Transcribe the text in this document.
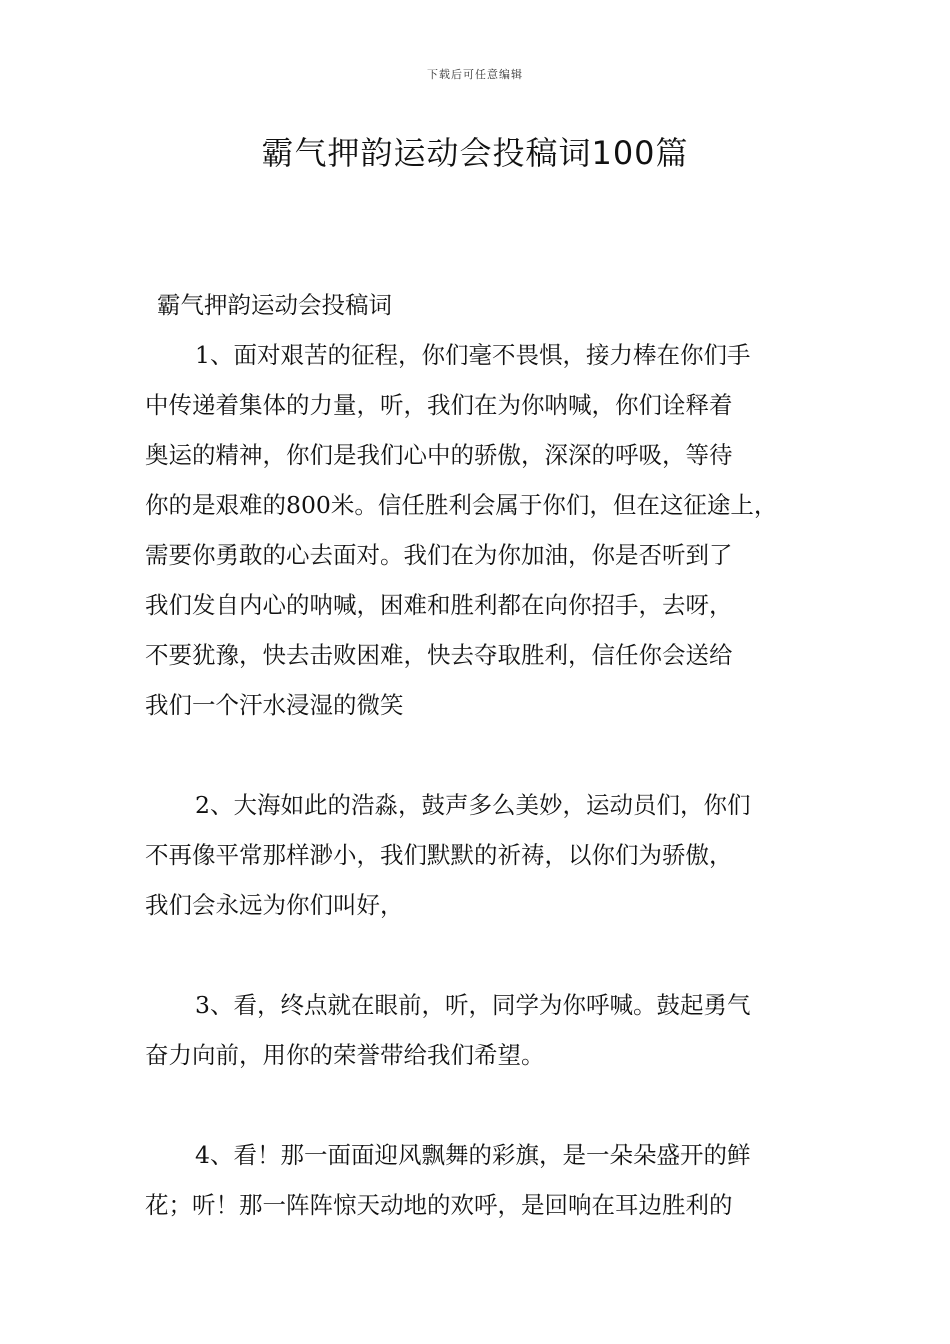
下载后可任意编辑
霸气押韵运动会投稿词100篇
霸气押韵运动会投稿词
1、面对艰苦的征程，你们毫不畏惧，接力棒在你们手
中传递着集体的力量，听，我们在为你呐喊，你们诠释着
奥运的精神，你们是我们心中的骄傲，深深的呼吸，等待
你的是艰难的800米。信任胜利会属于你们，但在这征途上，
需要你勇敢的心去面对。我们在为你加油，你是否听到了
我们发自内心的呐喊，困难和胜利都在向你招手，去呀，
不要犹豫，快去击败困难，快去夺取胜利，信任你会送给
我们一个汗水浸湿的微笑
2、大海如此的浩淼，鼓声多么美妙，运动员们，你们
不再像平常那样渺小，我们默默的祈祷，以你们为骄傲，
我们会永远为你们叫好，
3、看，终点就在眼前，听，同学为你呼喊。鼓起勇气
奋力向前，用你的荣誉带给我们希望。
4、看！那一面面迎风飘舞的彩旗，是一朵朵盛开的鲜
花；听！那一阵阵惊天动地的欢呼，是回响在耳边胜利的
